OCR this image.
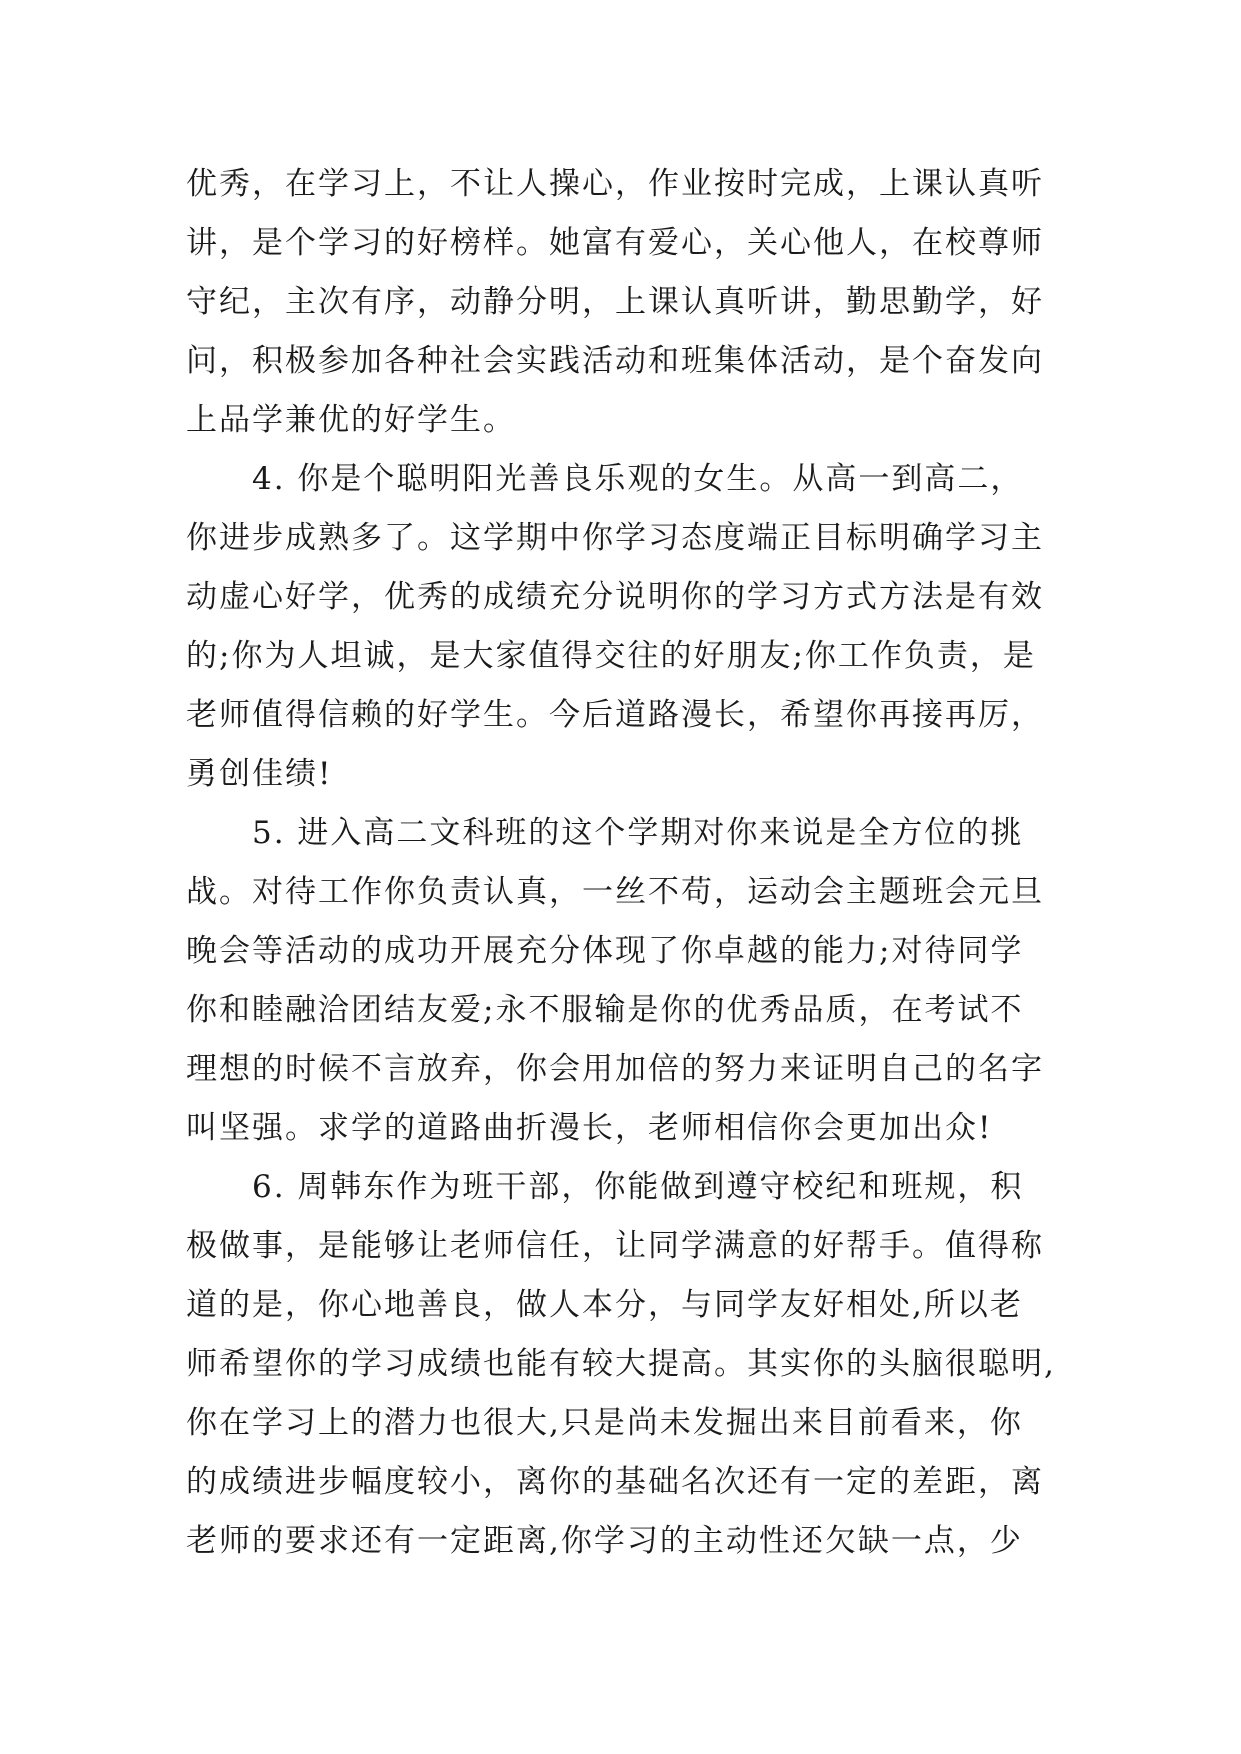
优秀，在学习上，不让人操心，作业按时完成，上课认真听
讲，是个学习的好榜样。她富有爱心，关心他人，在校尊师
守纪，主次有序，动静分明，上课认真听讲，勤思勤学，好
问，积极参加各种社会实践活动和班集体活动，是个奋发向
上品学兼优的好学生。
　　4. 你是个聪明阳光善良乐观的女生。从高一到高二，
你进步成熟多了。这学期中你学习态度端正目标明确学习主
动虚心好学，优秀的成绩充分说明你的学习方式方法是有效
的;你为人坦诚，是大家值得交往的好朋友;你工作负责，是
老师值得信赖的好学生。今后道路漫长，希望你再接再厉，
勇创佳绩!
　　5. 进入高二文科班的这个学期对你来说是全方位的挑
战。对待工作你负责认真，一丝不苟，运动会主题班会元旦
晚会等活动的成功开展充分体现了你卓越的能力;对待同学
你和睦融洽团结友爱;永不服输是你的优秀品质，在考试不
理想的时候不言放弃，你会用加倍的努力来证明自己的名字
叫坚强。求学的道路曲折漫长，老师相信你会更加出众!
　　6. 周韩东作为班干部，你能做到遵守校纪和班规，积
极做事，是能够让老师信任，让同学满意的好帮手。值得称
道的是，你心地善良，做人本分，与同学友好相处,所以老
师希望你的学习成绩也能有较大提高。其实你的头脑很聪明,
你在学习上的潜力也很大,只是尚未发掘出来目前看来，你
的成绩进步幅度较小，离你的基础名次还有一定的差距，离
老师的要求还有一定距离,你学习的主动性还欠缺一点，少
